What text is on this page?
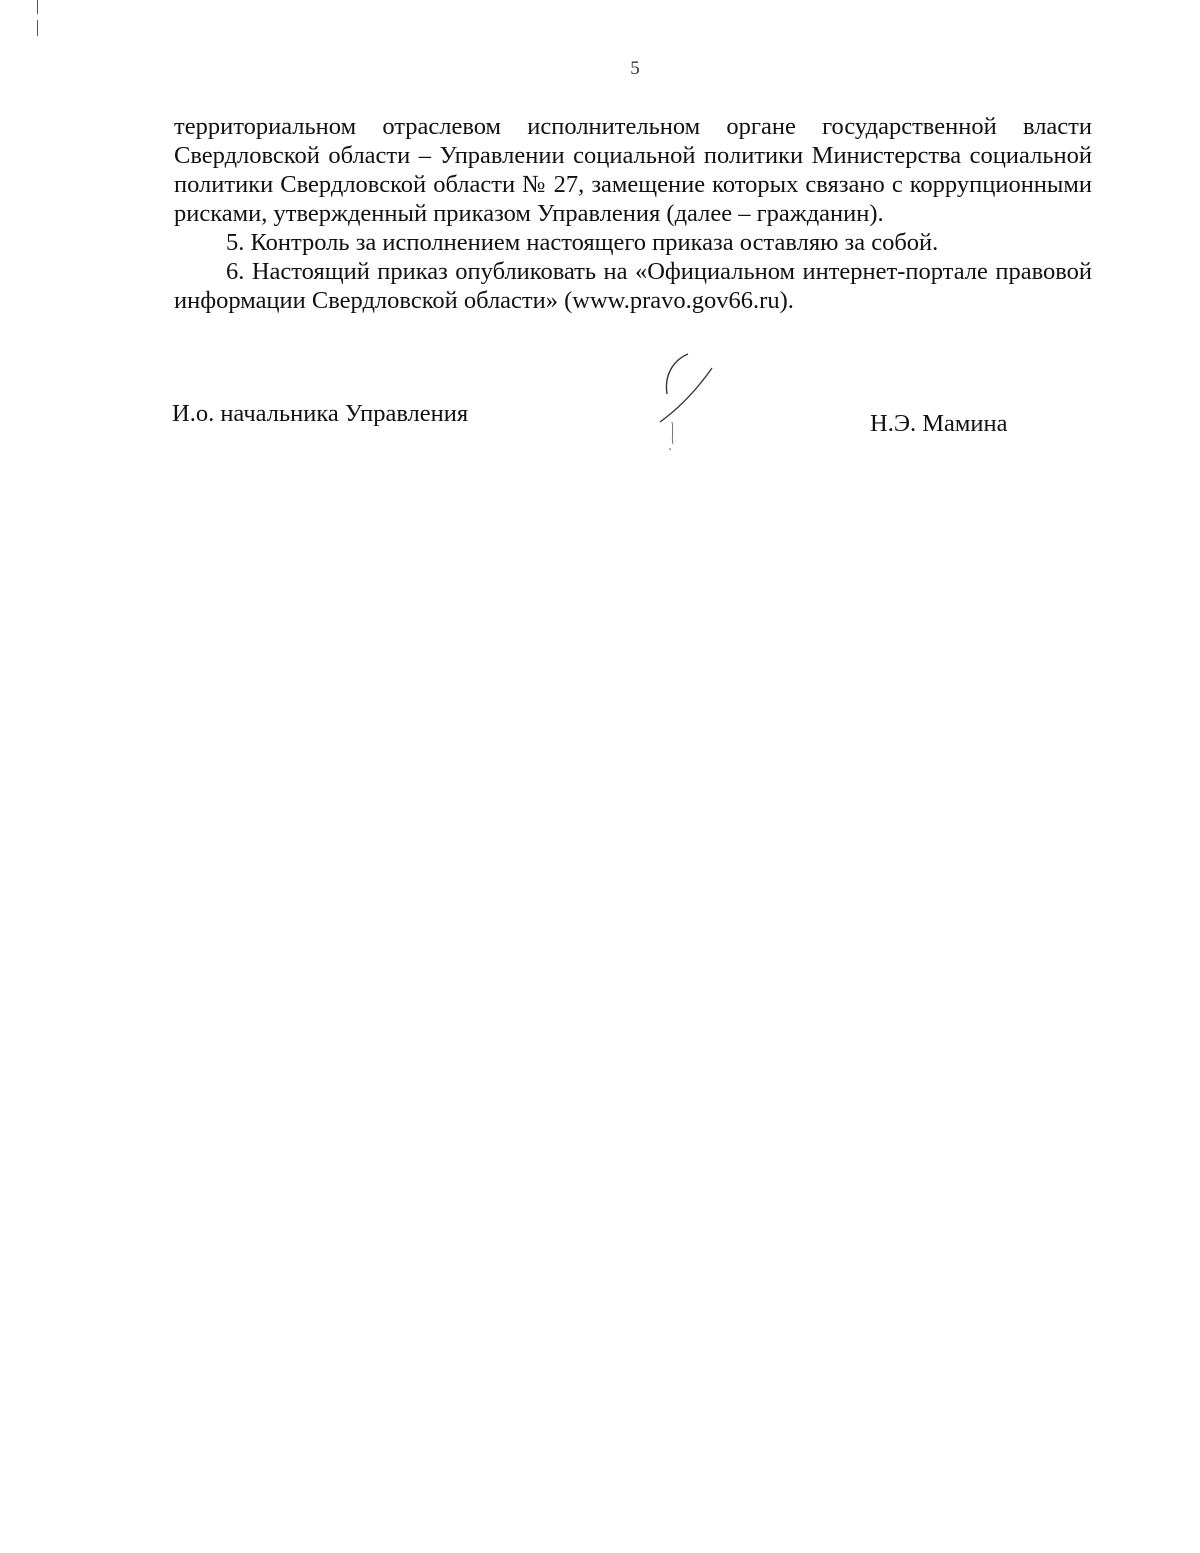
5

территориальном отраслевом исполнительном органе государственной власти Свердловской области – Управлении социальной политики Министерства социальной политики Свердловской области № 27, замещение которых связано с коррупционными рисками, утвержденный приказом Управления (далее – гражданин).

5. Контроль за исполнением настоящего приказа оставляю за собой.

6. Настоящий приказ опубликовать на «Официальном интернет-портале правовой информации Свердловской области» (www.pravo.gov66.ru).

И.о. начальника Управления	Н.Э. Мамина
